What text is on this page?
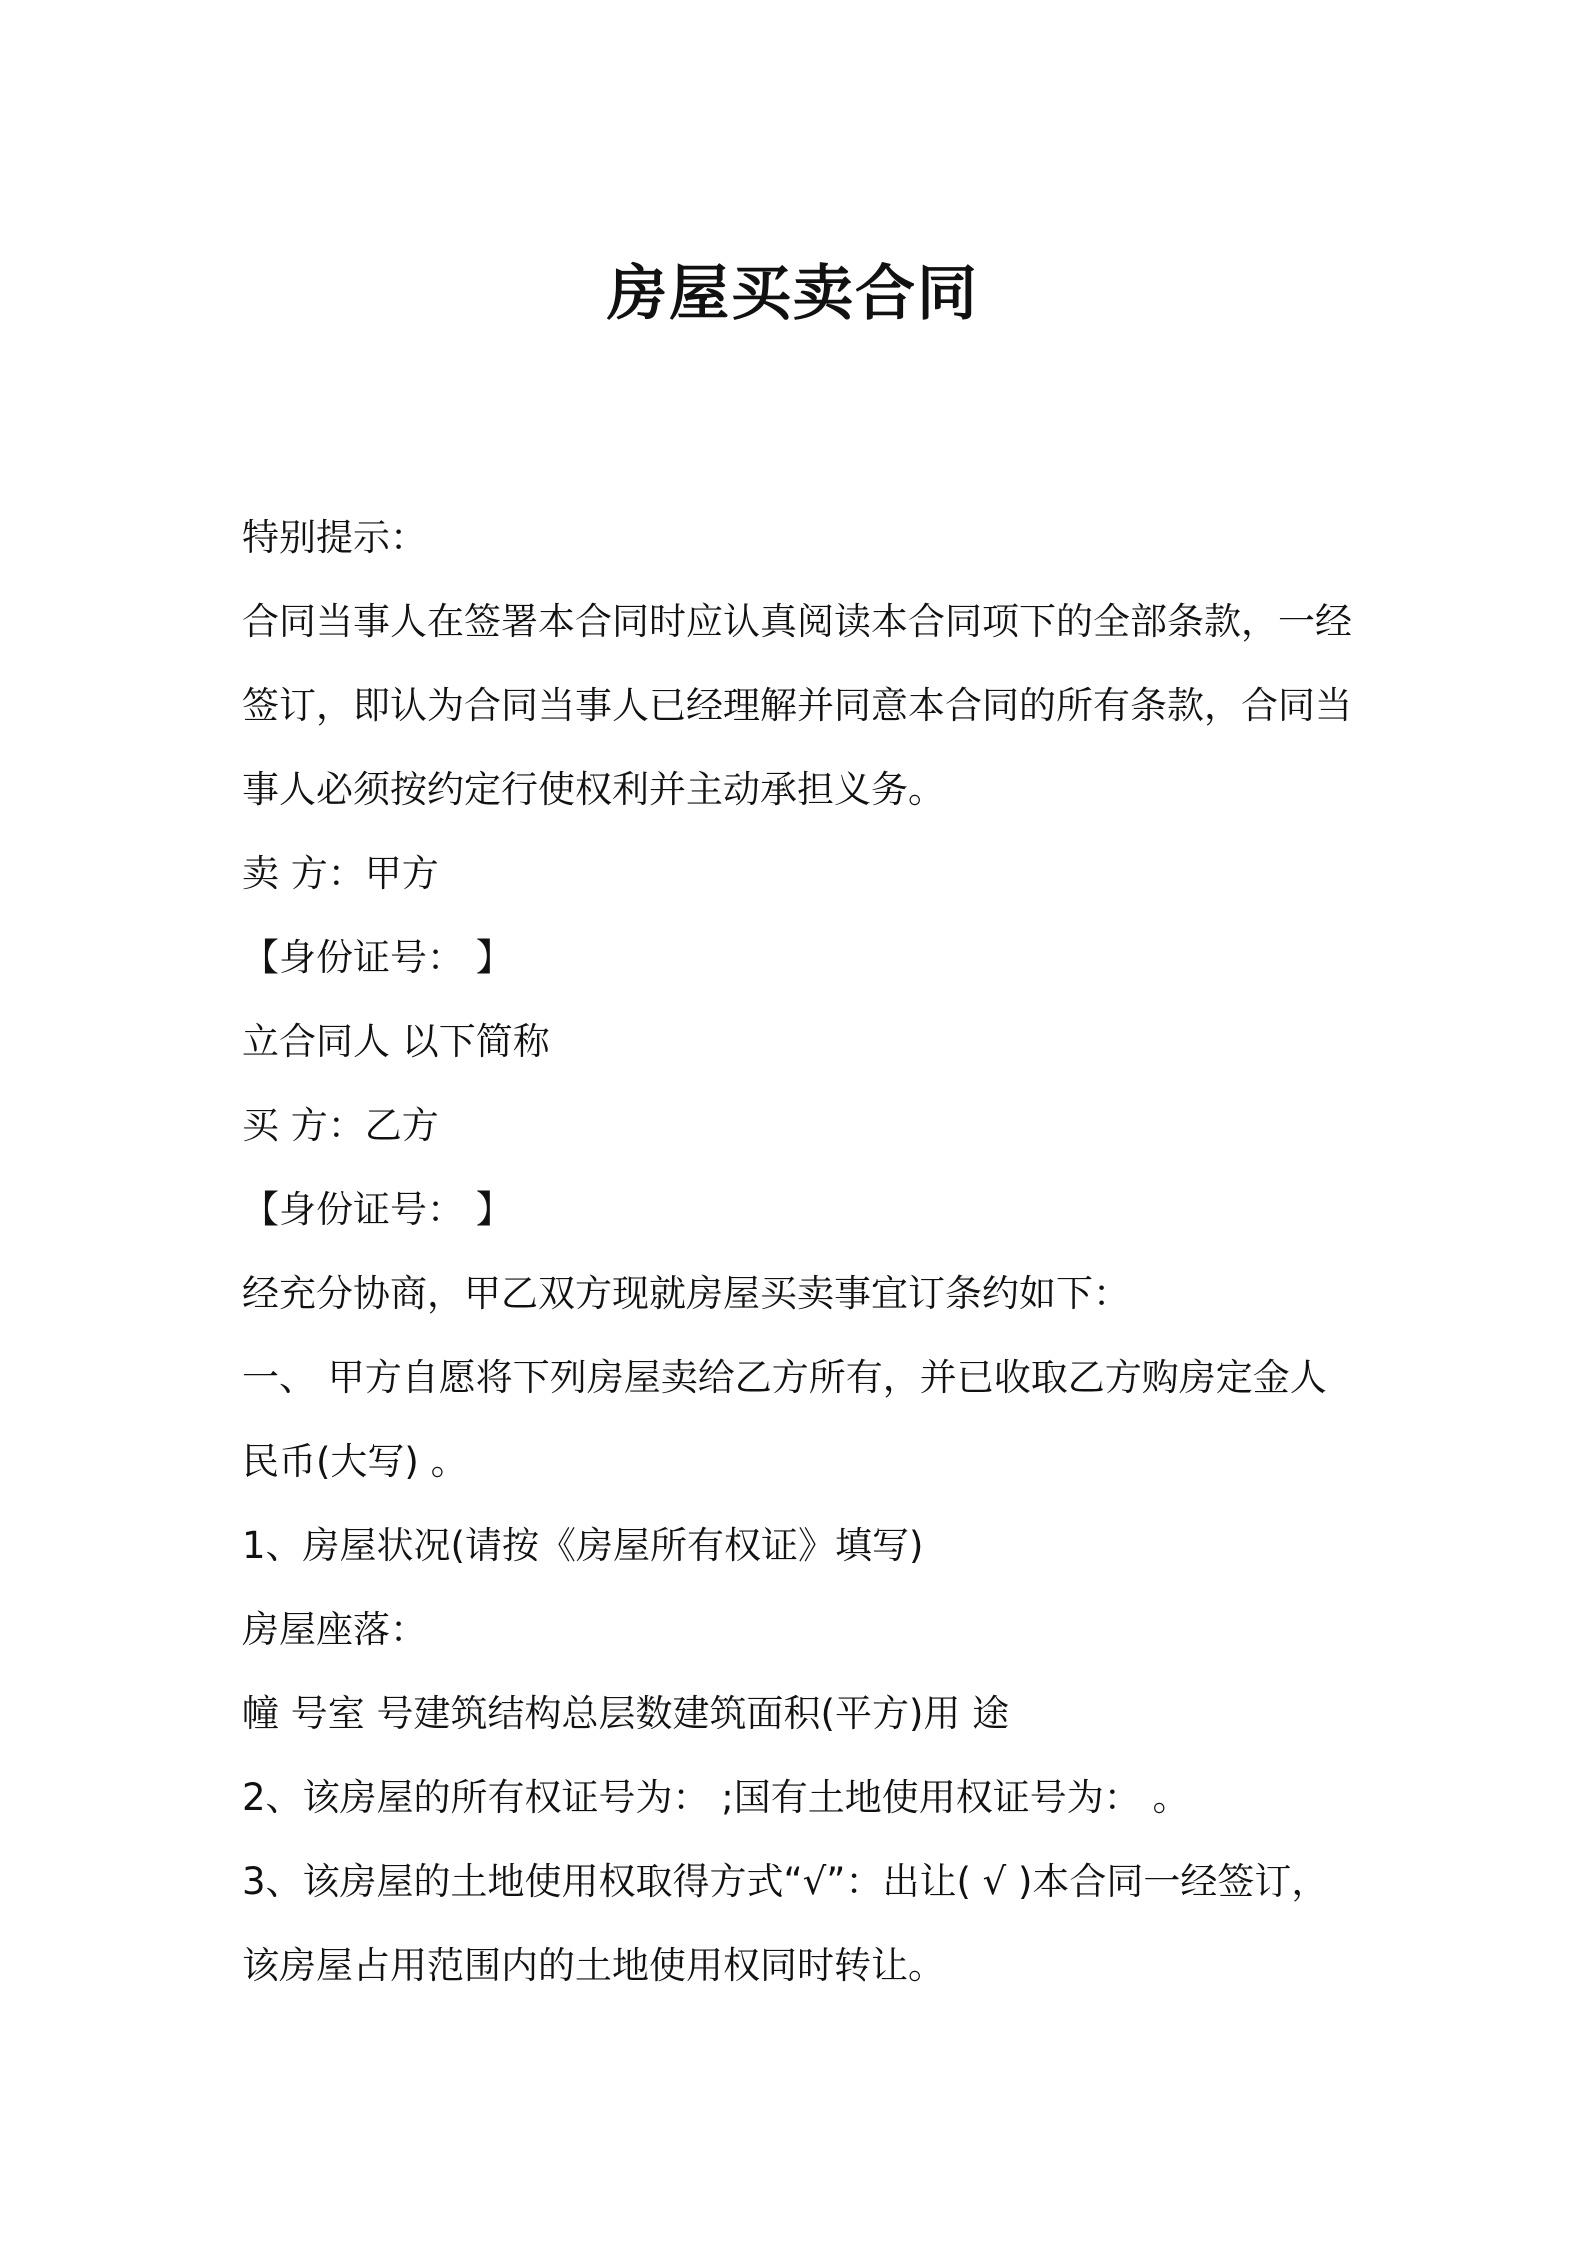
房屋买卖合同
特别提示：
合同当事人在签署本合同时应认真阅读本合同项下的全部条款，一经
签订，即认为合同当事人已经理解并同意本合同的所有条款，合同当
事人必须按约定行使权利并主动承担义务。
卖 方：甲方
【身份证号： 】
立合同人 以下简称
买 方：乙方
【身份证号： 】
经充分协商，甲乙双方现就房屋买卖事宜订条约如下：
一、 甲方自愿将下列房屋卖给乙方所有，并已收取乙方购房定金人
民币(大写) 。
1、房屋状况(请按《房屋所有权证》填写)
房屋座落：
幢 号室 号建筑结构总层数建筑面积(平方)用 途
2、该房屋的所有权证号为： ;国有土地使用权证号为： 。
3、该房屋的土地使用权取得方式“√”：出让( √ )本合同一经签订，
该房屋占用范围内的土地使用权同时转让。
